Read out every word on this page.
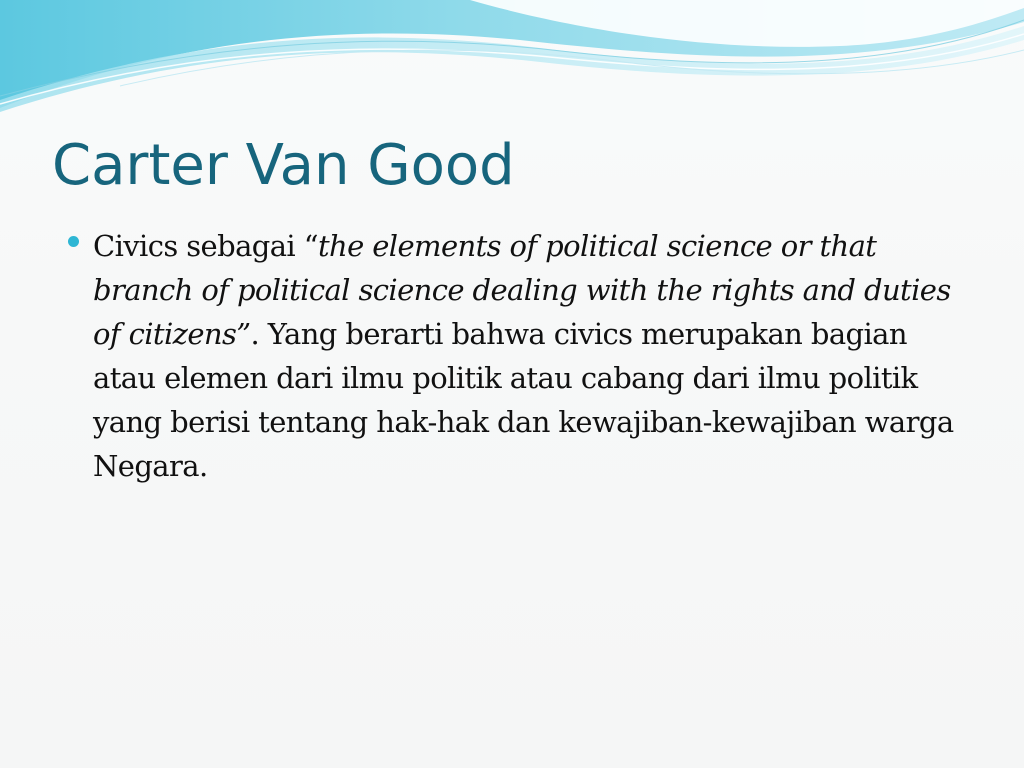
Carter Van Good

Civics sebagai “the elements of political science or that branch of political science dealing with the rights and duties of citizens”. Yang berarti bahwa civics merupakan bagian atau elemen dari ilmu politik atau cabang dari ilmu politik yang berisi tentang hak-hak dan kewajiban-kewajiban warga Negara.
